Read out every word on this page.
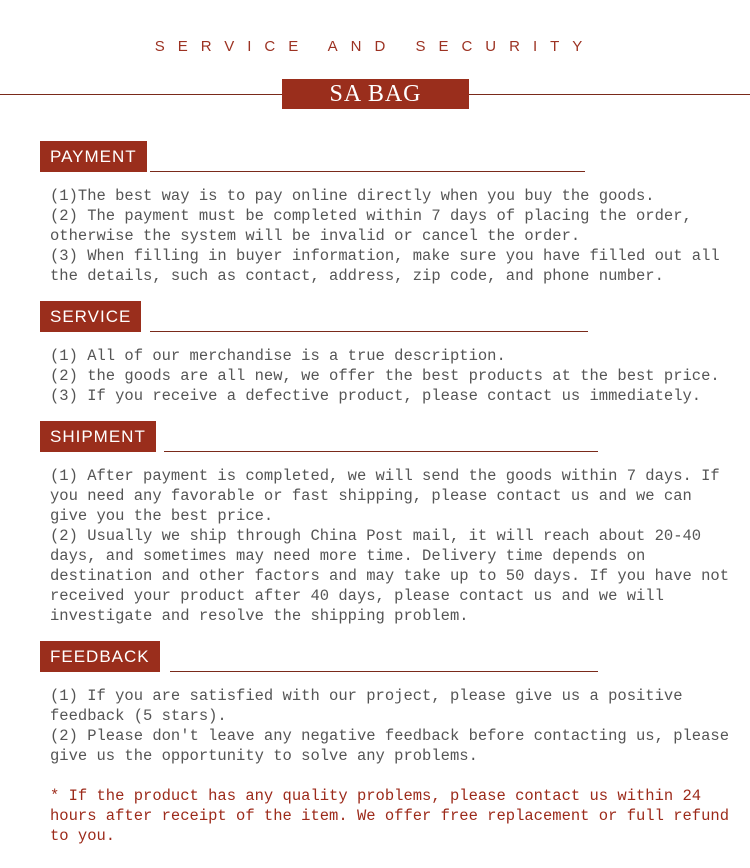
SERVICE AND SECURITY
SA BAG
PAYMENT

(1)The best way is to pay online directly when you buy the goods.

(2) The payment must be completed within 7 days of placing the order,

otherwise the system will be invalid or cancel the order.

(3) When filling in buyer information, make sure you have filled out all

the details, such as contact, address, zip code, and phone number.

SERVICE

(1) All of our merchandise is a true description.

(2) the goods are all new, we offer the best products at the best price.

(3) If you receive a defective product, please contact us immediately.

SHIPMENT

(1) After payment is completed, we will send the goods within 7 days. If

you need any favorable or fast shipping, please contact us and we can

give you the best price.

(2) Usually we ship through China Post mail, it will reach about 20-40

days, and sometimes may need more time. Delivery time depends on

destination and other factors and may take up to 50 days. If you have not

received your product after 40 days, please contact us and we will

investigate and resolve the shipping problem.

FEEDBACK

(1) If you are satisfied with our project, please give us a positive

feedback (5 stars).

(2) Please don't leave any negative feedback before contacting us, please

give us the opportunity to solve any problems.

* If the product has any quality problems, please contact us within 24

hours after receipt of the item. We offer free replacement or full refund

to you.
